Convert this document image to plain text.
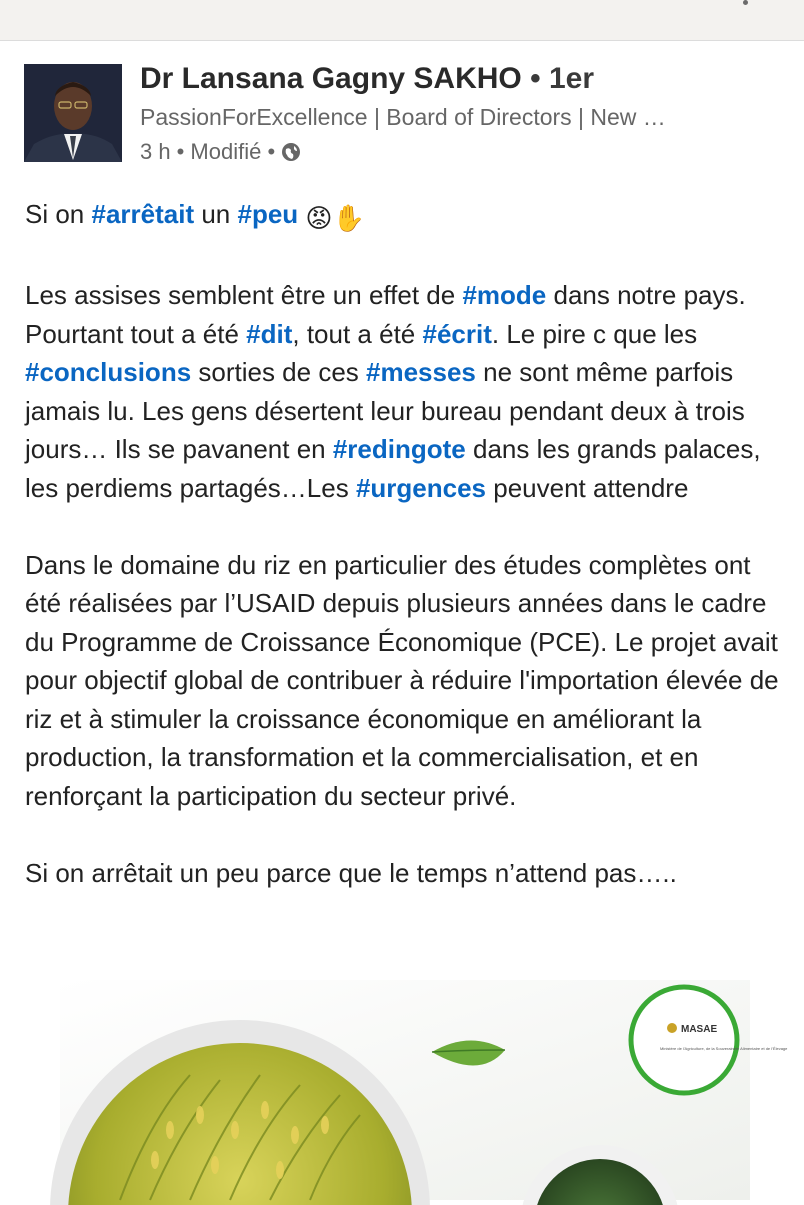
Dr Lansana Gagny SAKHO • 1er
PassionForExcellence | Board of Directors | New …
3 h • Modifié •

Si on #arrêtait un #peu 😡✋

Les assises semblent être un effet de #mode dans notre pays. Pourtant tout a été #dit, tout a été #écrit. Le pire c que les #conclusions sorties de ces #messes ne sont même parfois jamais lu. Les gens désertent leur bureau pendant deux à trois jours… Ils se pavanent en #redingote dans les grands palaces, les perdiems partagés…Les #urgences peuvent attendre

Dans le domaine du riz en particulier des études complètes ont été réalisées par l’USAID depuis plusieurs années dans le cadre du Programme de Croissance Économique (PCE). Le projet avait pour objectif global de contribuer à réduire l'importation élevée de riz et à stimuler la croissance économique en améliorant la production, la transformation et la commercialisation, et en renforçant la participation du secteur privé.

Si on arrêtait un peu parce que le temps n’attend pas…..

MASAE
Ministère de l'Agriculture, de la Souveraineté Alimentaire et de l'Élevage
